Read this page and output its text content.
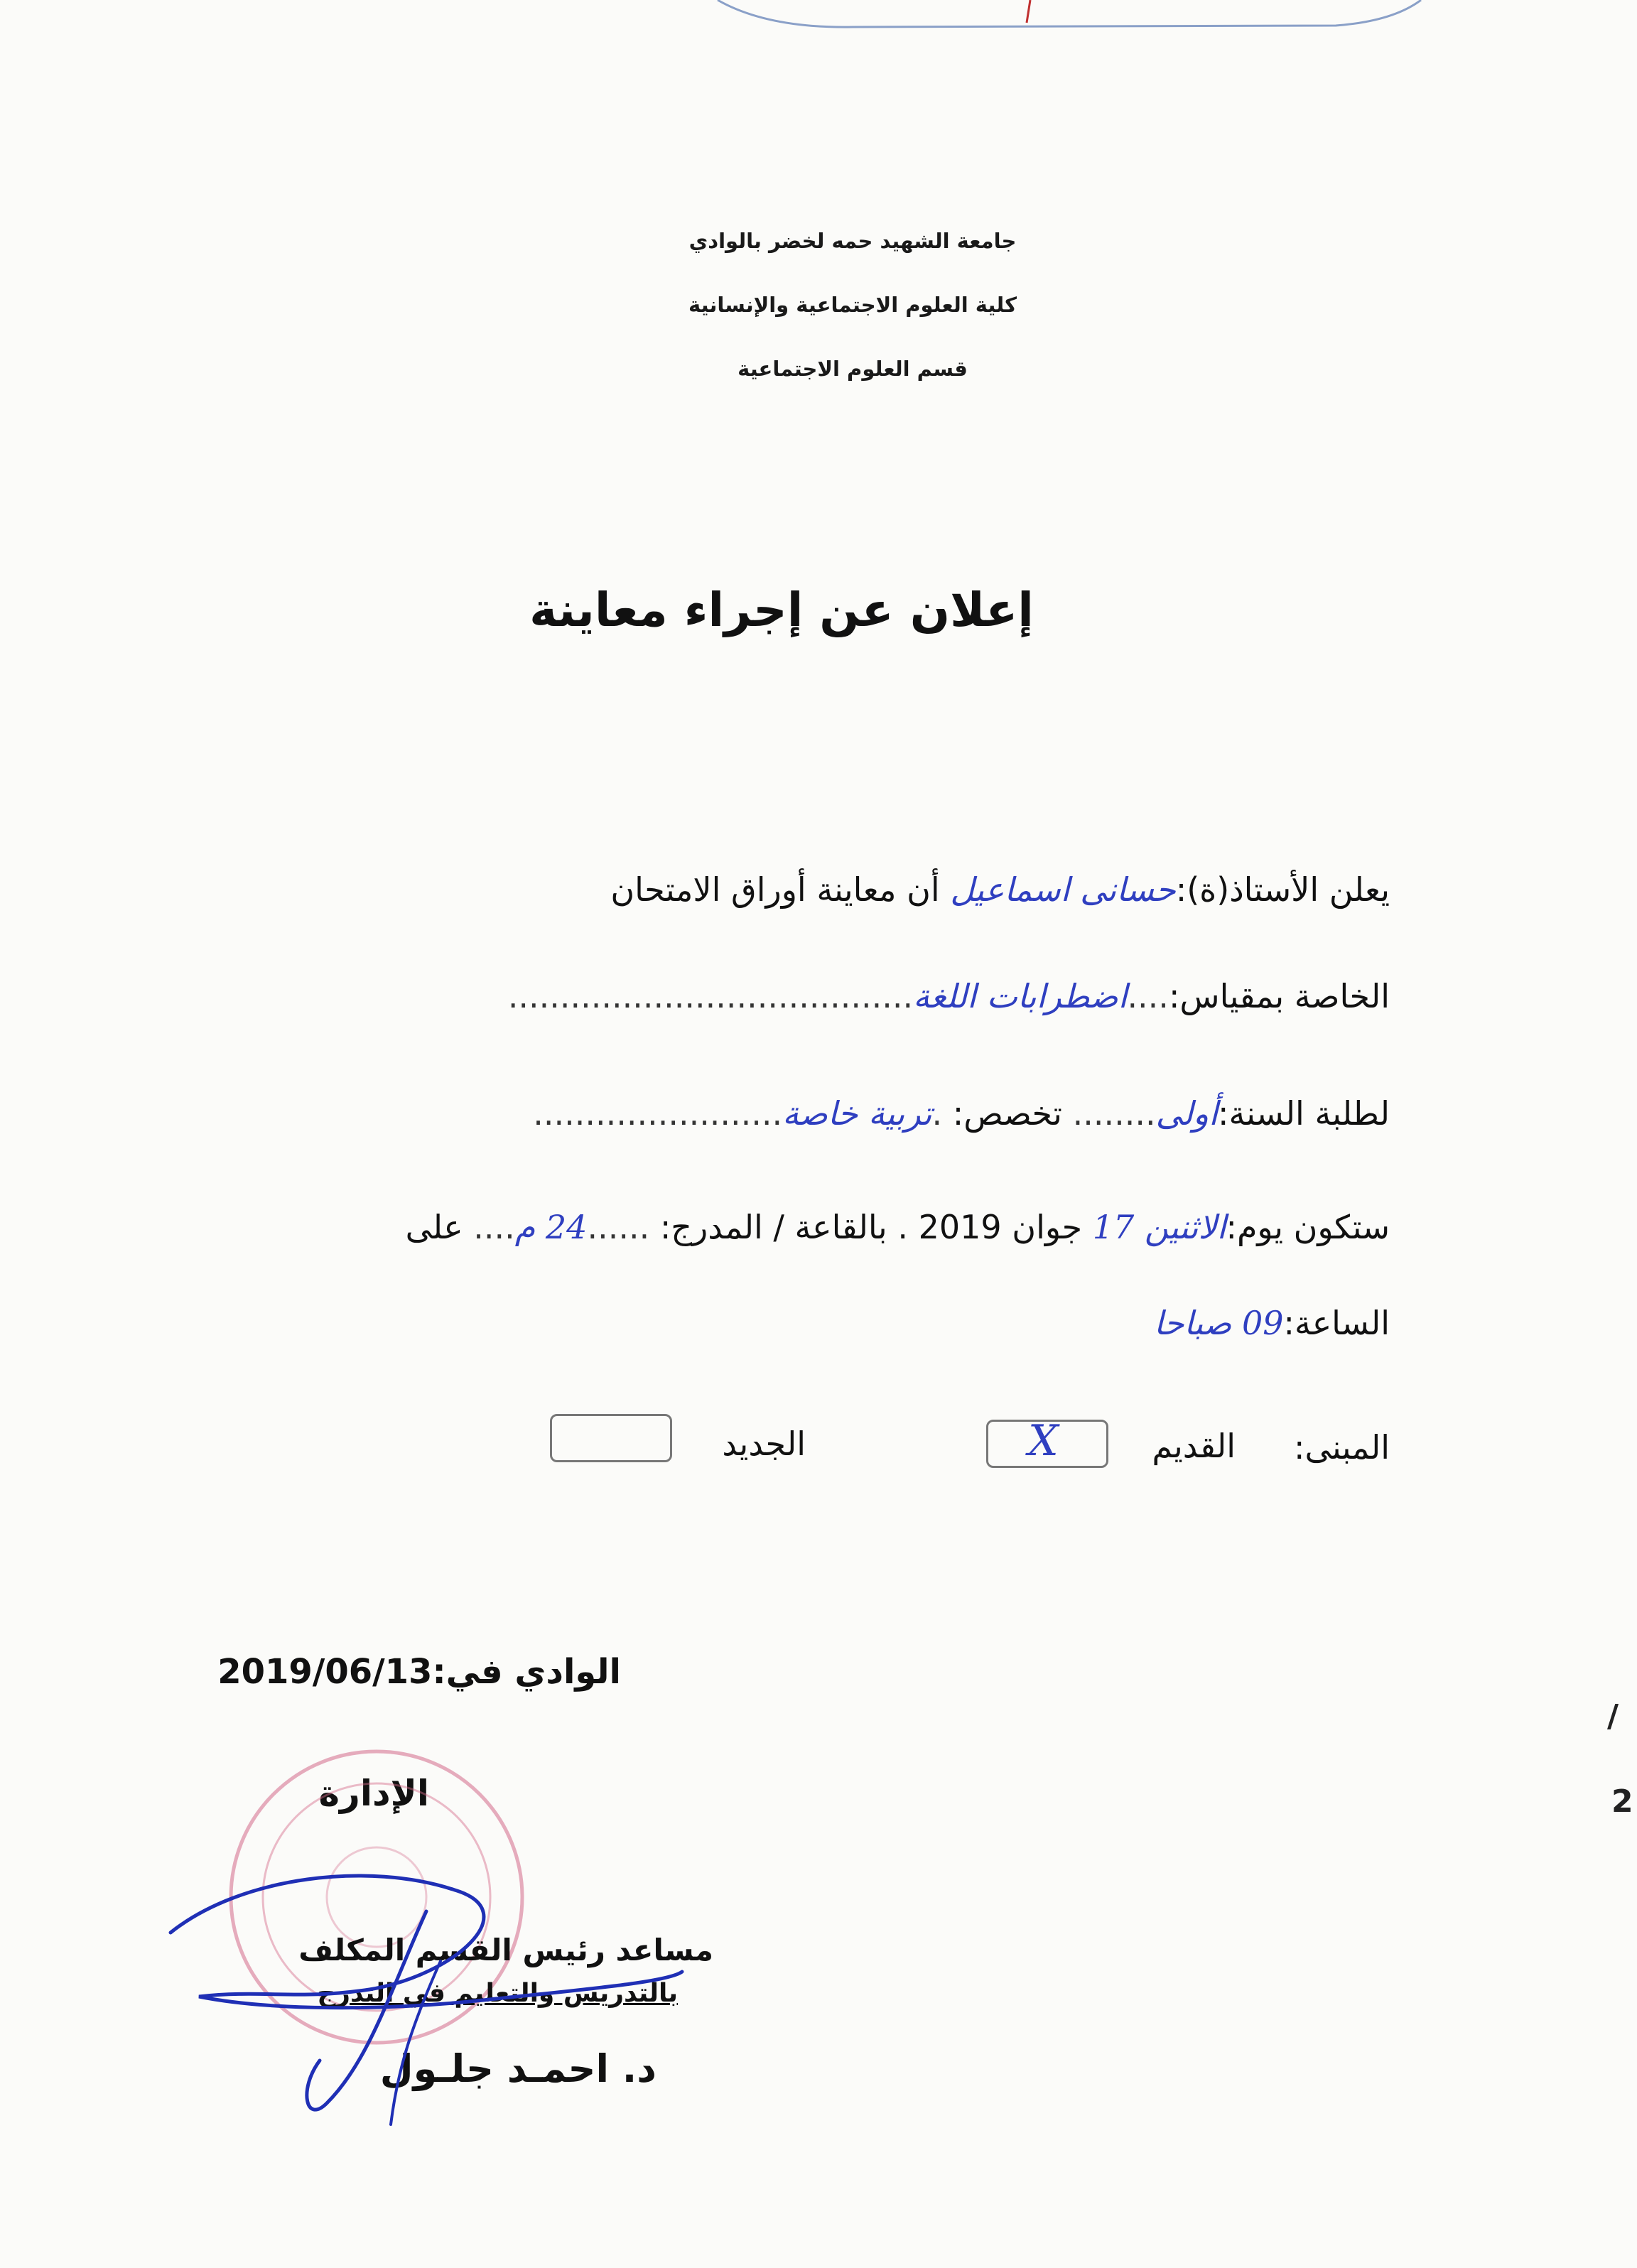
جامعة الشهيد حمه لخضر بالوادي
كلية العلوم الاجتماعية والإنسانية
قسم العلوم الاجتماعية
إعلان عن إجراء معاينة
يعلن الأستاذ(ة):حسانى اسماعيل أن معاينة أوراق الامتحان
الخاصة بمقياس:....اضطرابات اللغة.......................................
لطلبة السنة:أولى........ تخصص: .تربية خاصة........................
ستكون يوم:الاثنين 17 جوان 2019 . بالقاعة / المدرج: ......24 م.... على
الساعة:09 صباحا
المبنى:
القديم
X
الجديد
الوادي في:2019/06/13
الإدارة
مساعد رئيس القسم المكلف
بالتدريس والتعليم في التدرج
د. احمـد جلـول
/
2
